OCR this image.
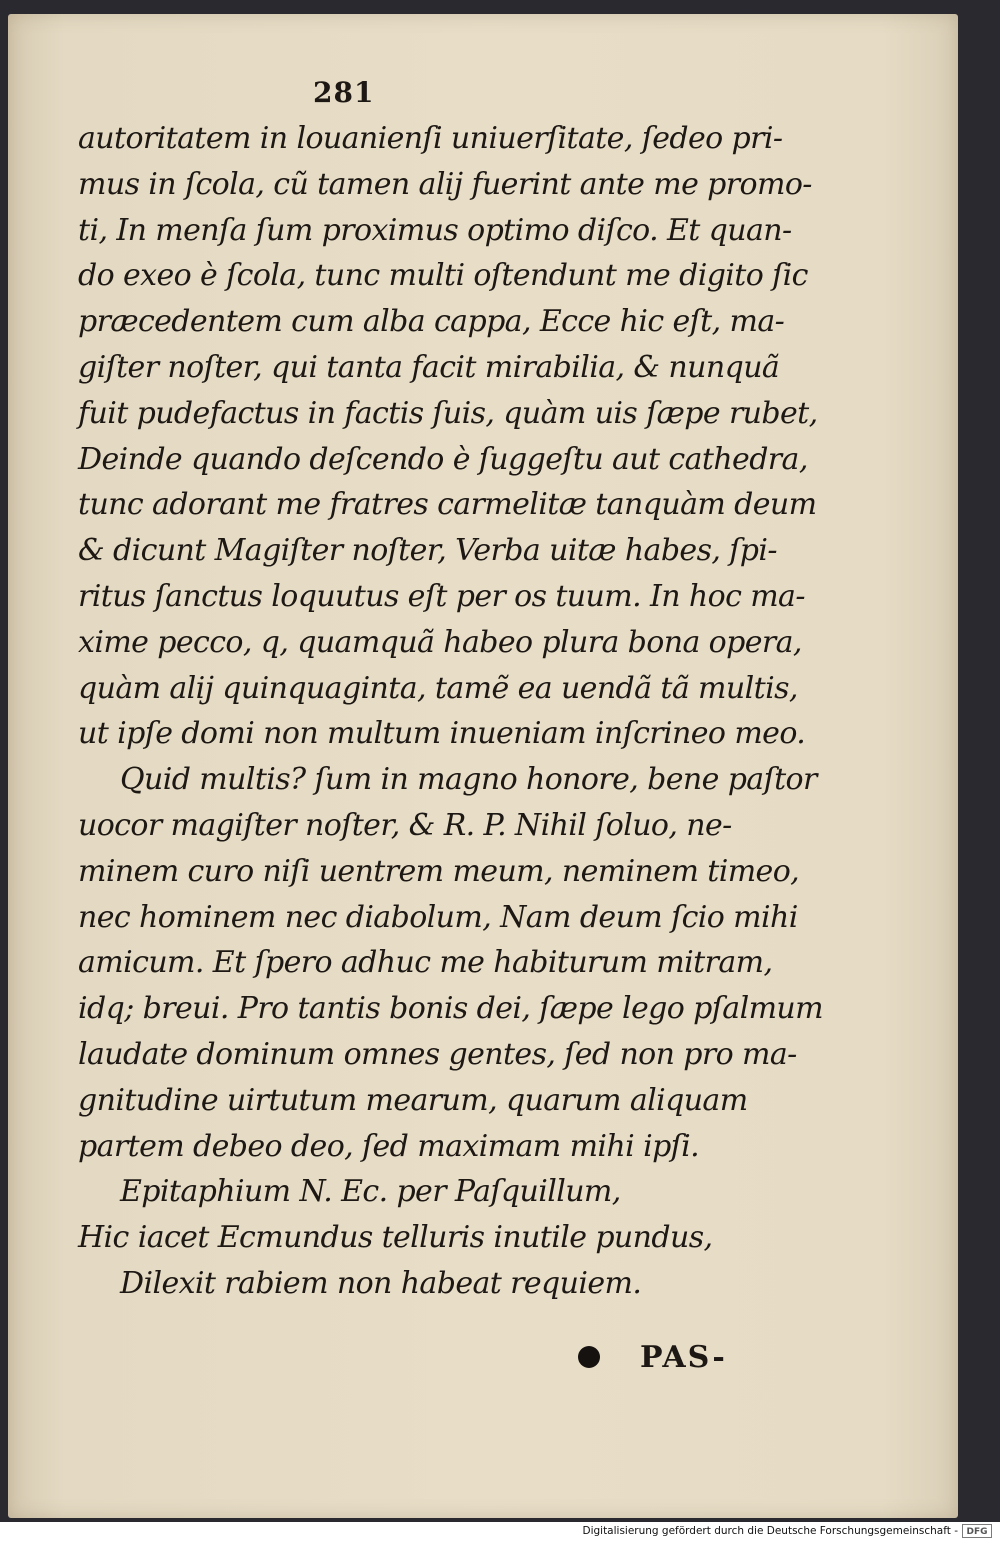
281
autoritatem in louanienſi uniuerſitate, ſedeo pri-
mus in ſcola, cũ tamen alij fuerint ante me promo-
ti, In menſa ſum proximus optimo diſco. Et quan-
do exeo è ſcola, tunc multi oſtendunt me digito ſic
præcedentem cum alba cappa, Ecce hic eſt, ma-
giſter noſter, qui tanta facit mirabilia, & nunquã
fuit pudefactus in factis ſuis, quàm uis ſæpe rubet,
Deinde quando deſcendo è ſuggeſtu aut cathedra,
tunc adorant me fratres carmelitæ tanquàm deum
& dicunt Magiſter noſter, Verba uitæ habes, ſpi-
ritus ſanctus loquutus eſt per os tuum. In hoc ma-
xime pecco, q, quamquã habeo plura bona opera,
quàm alij quinquaginta, tamẽ ea uendã tã multis,
ut ipſe domi non multum inueniam inſcrineo meo.
Quid multis? ſum in magno honore, bene paſtor
uocor magiſter noſter, & R. P. Nihil ſoluo, ne-
minem curo niſi uentrem meum, neminem timeo,
nec hominem nec diabolum, Nam deum ſcio mihi
amicum. Et ſpero adhuc me habiturum mitram,
idq; breui. Pro tantis bonis dei, ſæpe lego pſalmum
laudate dominum omnes gentes, ſed non pro ma-
gnitudine uirtutum mearum, quarum aliquam
partem debeo deo, ſed maximam mihi ipſi.
Epitaphium N. Ec. per Paſquillum,
Hic iacet Ecmundus telluris inutile pundus,
Dilexit rabiem non habeat requiem.
PAS-
Digitalisierung gefördert durch die Deutsche Forschungsgemeinschaft - DFG
